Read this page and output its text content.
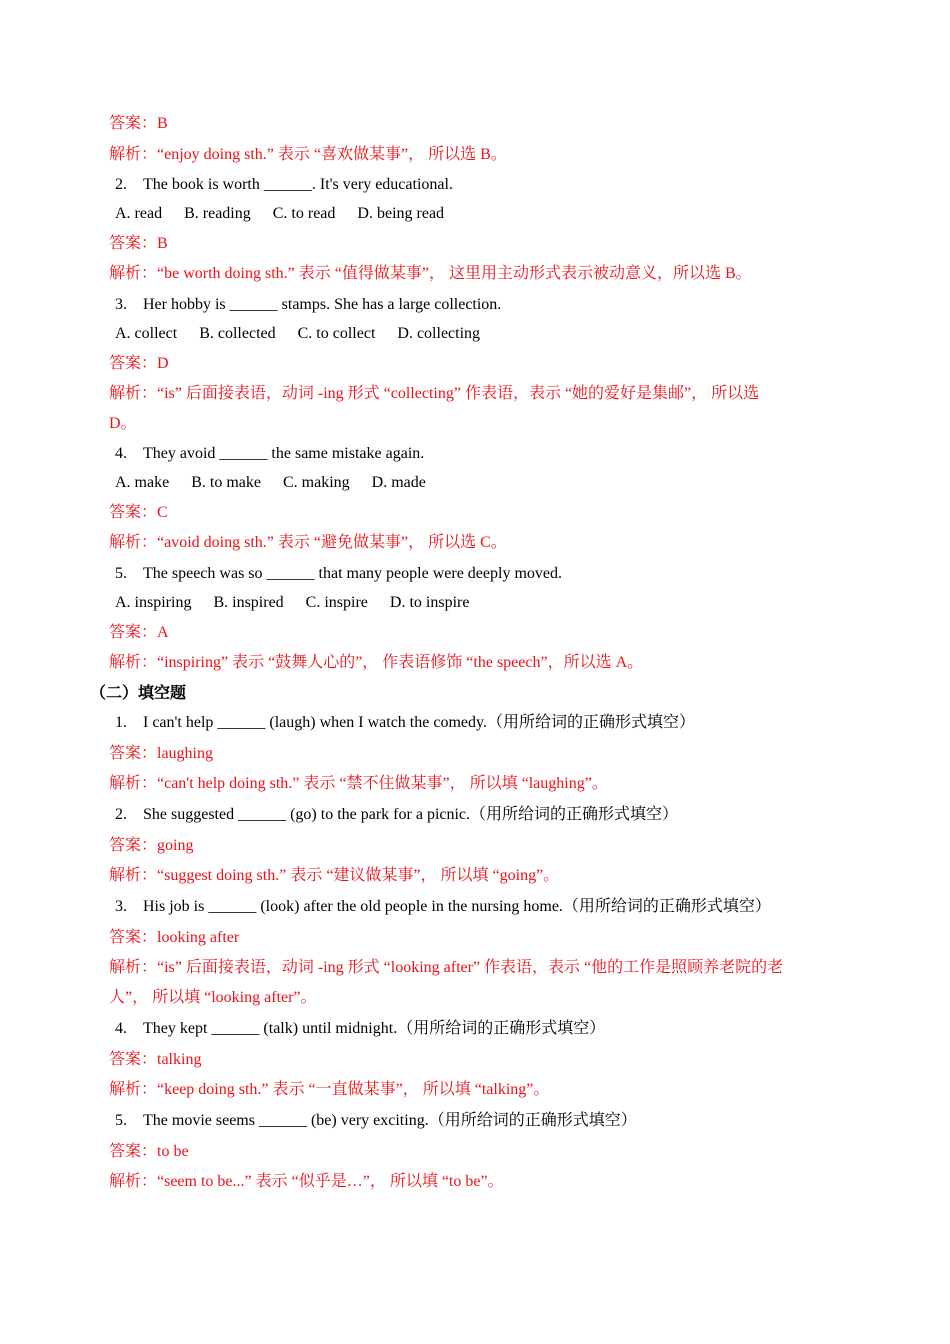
答案：B
解析：“enjoy doing sth.” 表示 “喜欢做某事”， 所以选 B。
2. The book is worth ______. It's very educational.
A. read B. reading C. to read D. being read
答案：B
解析：“be worth doing sth.” 表示 “值得做某事”， 这里用主动形式表示被动意义，所以选 B。
3. Her hobby is ______ stamps. She has a large collection.
A. collect B. collected C. to collect D. collecting
答案：D
解析：“is” 后面接表语，动词 -ing 形式 “collecting” 作表语，表示 “她的爱好是集邮”， 所以选
D。
4. They avoid ______ the same mistake again.
A. make B. to make C. making D. made
答案：C
解析：“avoid doing sth.” 表示 “避免做某事”， 所以选 C。
5. The speech was so ______ that many people were deeply moved.
A. inspiring B. inspired C. inspire D. to inspire
答案：A
解析：“inspiring” 表示 “鼓舞人心的”， 作表语修饰 “the speech”，所以选 A。
（二）填空题
1. I can't help ______ (laugh) when I watch the comedy.（用所给词的正确形式填空）
答案：laughing
解析：“can't help doing sth.” 表示 “禁不住做某事”， 所以填 “laughing”。
2. She suggested ______ (go) to the park for a picnic.（用所给词的正确形式填空）
答案：going
解析：“suggest doing sth.” 表示 “建议做某事”， 所以填 “going”。
3. His job is ______ (look) after the old people in the nursing home.（用所给词的正确形式填空）
答案：looking after
解析：“is” 后面接表语，动词 -ing 形式 “looking after” 作表语，表示 “他的工作是照顾养老院的老
人”， 所以填 “looking after”。
4. They kept ______ (talk) until midnight.（用所给词的正确形式填空）
答案：talking
解析：“keep doing sth.” 表示 “一直做某事”， 所以填 “talking”。
5. The movie seems ______ (be) very exciting.（用所给词的正确形式填空）
答案：to be
解析：“seem to be...” 表示 “似乎是…”， 所以填 “to be”。
